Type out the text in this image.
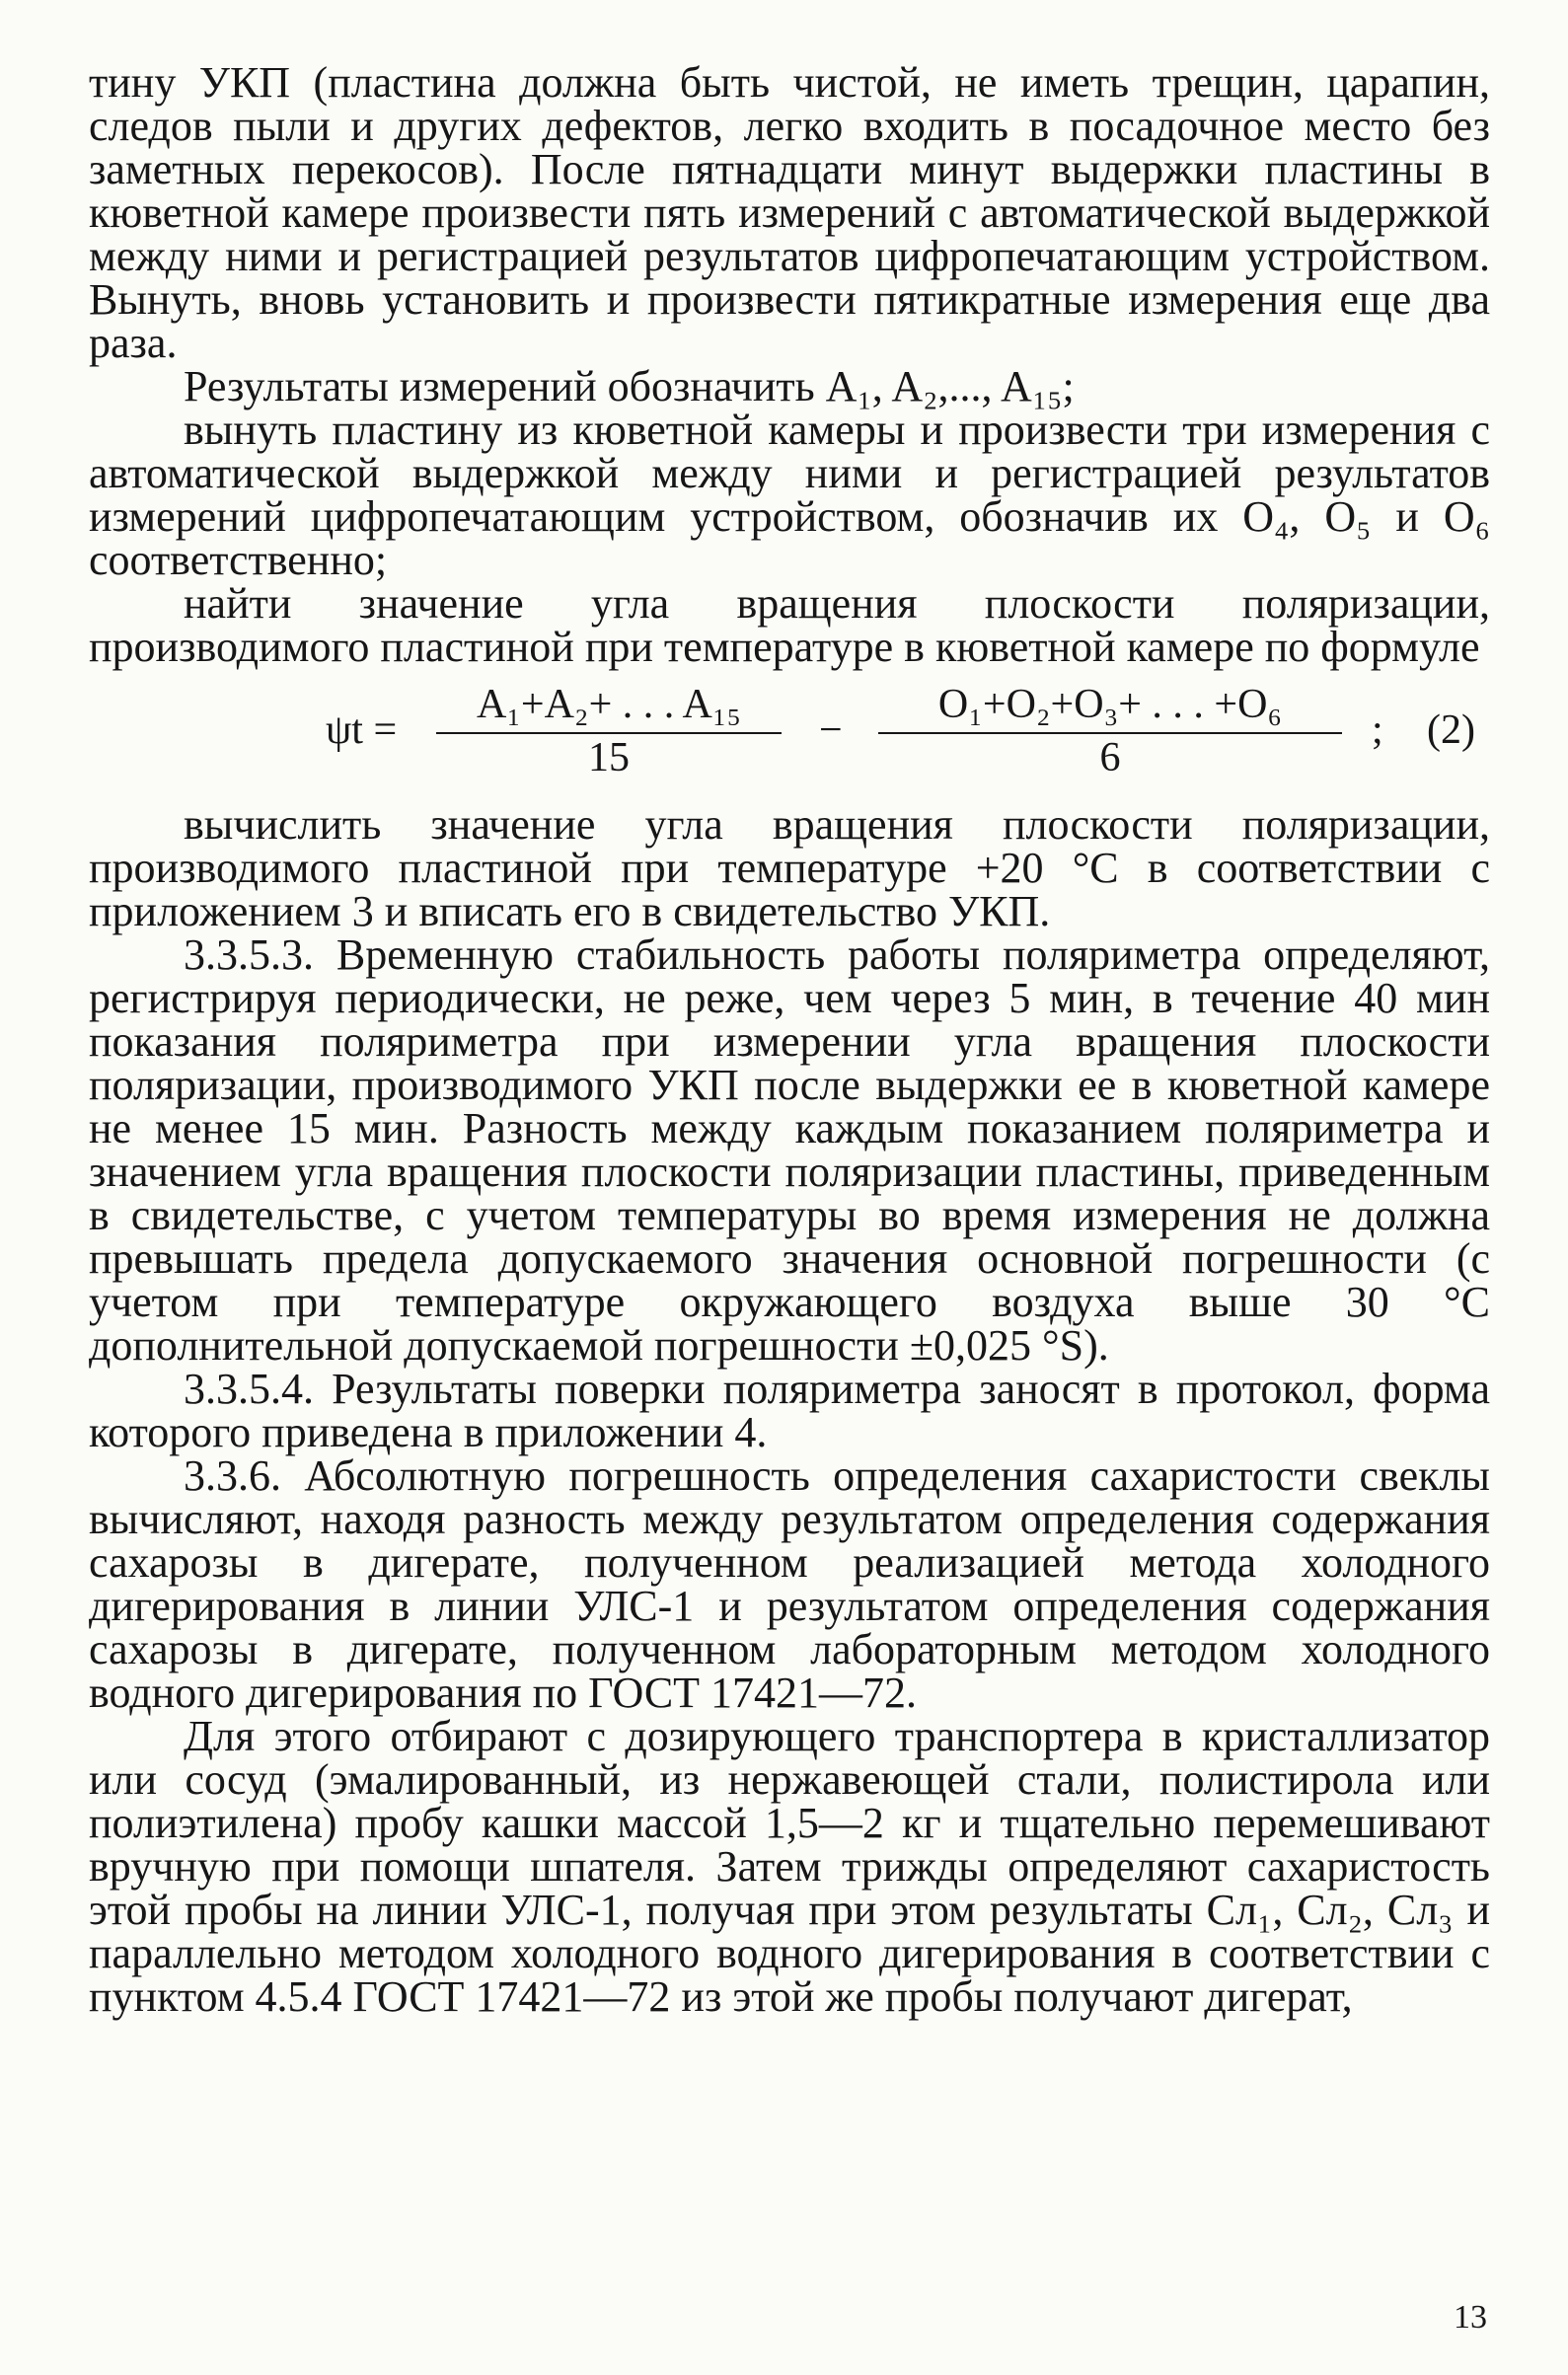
тину УКП (пластина должна быть чистой, не иметь трещин, царапин, следов пыли и других дефектов, легко входить в посадочное место без заметных перекосов). После пятнадцати минут выдержки пластины в кюветной камере произвести пять измерений с автоматической выдержкой между ними и регистрацией результатов цифропечатающим устройством. Вынуть, вновь установить и произвести пятикратные измерения еще два раза.

Результаты измерений обозначить A₁, A₂,..., A₁₅;

вынуть пластину из кюветной камеры и произвести три измерения с автоматической выдержкой между ними и регистрацией результатов измерений цифропечатающим устройством, обозначив их O₄, O₅ и O₆ соответственно;

найти значение угла вращения плоскости поляризации, производимого пластиной при температуре в кюветной камере по формуле

$\psi t = \frac{\text{A₁+A₂+ . . . A₁₅}}{15} - \frac{\text{O₁+O₂+O₃+ . . . +O₆}}{6}$ ; (2)

вычислить значение угла вращения плоскости поляризации, производимого пластиной при температуре +20 °С в соответствии с приложением 3 и вписать его в свидетельство УКП.

3.3.5.3. Временную стабильность работы поляриметра определяют, регистрируя периодически, не реже, чем через 5 мин, в течение 40 мин показания поляриметра при измерении угла вращения плоскости поляризации, производимого УКП после выдержки ее в кюветной камере не менее 15 мин. Разность между каждым показанием поляриметра и значением угла вращения плоскости поляризации пластины, приведенным в свидетельстве, с учетом температуры во время измерения не должна превышать предела допускаемого значения основной погрешности (с учетом при температуре окружающего воздуха выше 30 °С дополнительной допускаемой погрешности ±0,025 °S).

3.3.5.4. Результаты поверки поляриметра заносят в протокол, форма которого приведена в приложении 4.

3.3.6. Абсолютную погрешность определения сахаристости свеклы вычисляют, находя разность между результатом определения содержания сахарозы в дигерате, полученном реализацией метода холодного дигерирования в линии УЛС-1 и результатом определения содержания сахарозы в дигерате, полученном лабораторным методом холодного водного дигерирования по ГОСТ 17421—72.

Для этого отбирают с дозирующего транспортера в кристаллизатор или сосуд (эмалированный, из нержавеющей стали, полистирола или полиэтилена) пробу кашки массой 1,5—2 кг и тщательно перемешивают вручную при помощи шпателя. Затем трижды определяют сахаристость этой пробы на линии УЛС-1, получая при этом результаты Сл₁, Сл₂, Сл₃ и параллельно методом холодного водного дигерирования в соответствии с пунктом 4.5.4 ГОСТ 17421—72 из этой же пробы получают дигерат,

13
